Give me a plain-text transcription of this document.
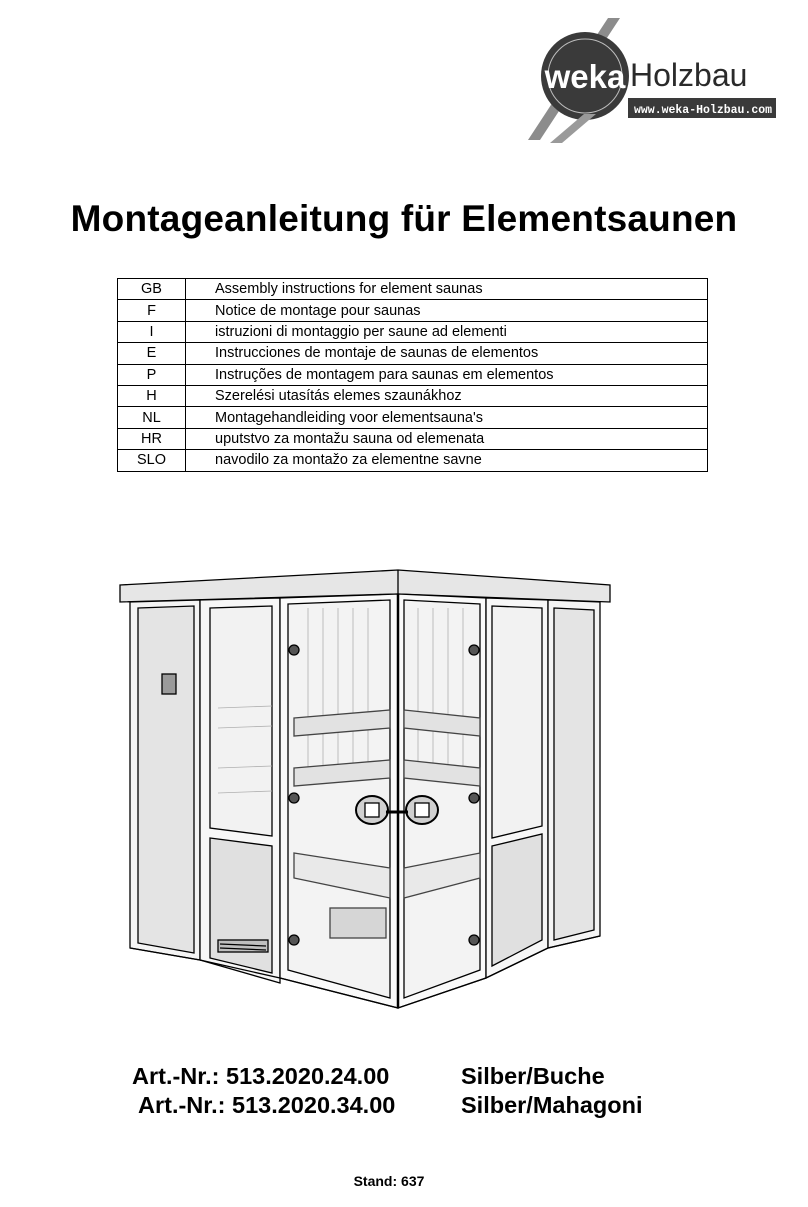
weka Holzbau
www.weka-Holzbau.com
Montageanleitung für Elementsaunen
GB	Assembly instructions for element saunas
F	Notice de montage pour saunas
I	istruzioni di montaggio per saune ad elementi
E	Instrucciones de montaje de saunas de elementos
P	Instruções de montagem para saunas em elementos
H	Szerelési utasítás elemes szaunákhoz
NL	Montagehandleiding voor elementsauna's
HR	uputstvo za montažu sauna od elemenata
SLO	navodilo za montažo za elementne savne
Art.-Nr.: 513.2020.24.00	Silber/Buche
Art.-Nr.: 513.2020.34.00	Silber/Mahagoni
Stand: 637
